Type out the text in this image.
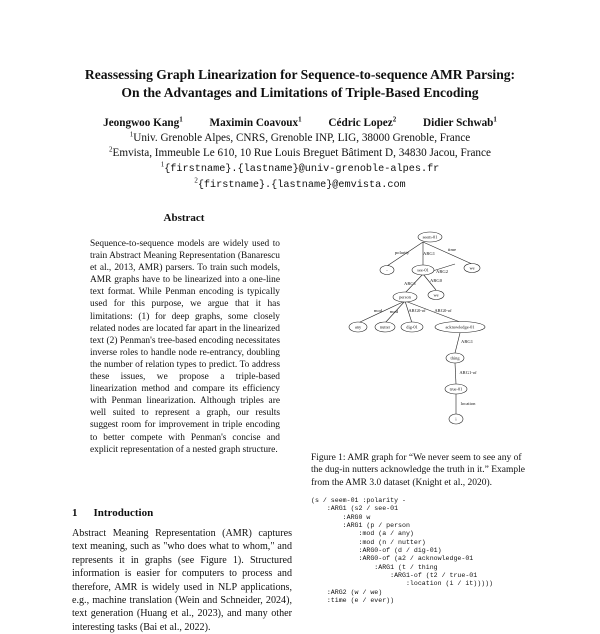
Reassessing Graph Linearization for Sequence-to-sequence AMR Parsing:
On the Advantages and Limitations of Triple-Based Encoding
Jeongwoo Kang$^1$ Maximin Coavoux$^1$ Cédric Lopez$^2$ Didier Schwab$^1$
$^1$Univ. Grenoble Alpes, CNRS, Grenoble INP, LIG, 38000 Grenoble, France
$^2$Emvista, Immeuble Le 610, 10 Rue Louis Breguet Bâtiment D, 34830 Jacou, France
$^1${firstname}.{lastname}@univ-grenoble-alpes.fr
$^2${firstname}.{lastname}@emvista.com
Abstract

Sequence-to-sequence models are widely used to train Abstract Meaning Representation (Banarescu et al., 2013, AMR) parsers. To train such models, AMR graphs have to be linearized into a one-line text format. While Penman encoding is typically used for this purpose, we argue that it has limitations: (1) for deep graphs, some closely related nodes are located far apart in the linearized text (2) Penman's tree-based encoding necessitates inverse roles to handle node re-entrancy, doubling the number of relation types to predict. To address these issues, we propose a triple-based linearization method and compare its efficiency with Penman linearization. Although triples are well suited to represent a graph, our results suggest room for improvement in triple encoding to better compete with Penman's concise and explicit representation of a nested graph structure.

1 Introduction

Abstract Meaning Representation (AMR) captures text meaning, such as "who does what to whom," and represents it in graphs (see Figure 1). Structured information is easier for computers to process and therefore, AMR is widely used in NLP applications, e.g., machine translation (Wein and Schneider, 2024), text generation (Huang et al., 2023), and many other interesting tasks (Bai et al., 2022).

seem-01
-	see-01	we
we
person
any	nutter	dig-01	acknowledge-01
thing
true-01
i
polarity	ARG1
time
ARG2
ARG0
ARG1
mod mod ARG0-of ARG0-of
ARG1
ARG1-of
location

Figure 1: AMR graph for “We never seem to see any of the dug-in nutters acknowledge the truth in it.” Example from the AMR 3.0 dataset (Knight et al., 2020).

(s / seem-01 :polarity -
:ARG1 (s2 / see-01
:ARG0 w
:ARG1 (p / person
:mod (a / any)
:mod (n / nutter)
:ARG0-of (d / dig-01)
:ARG0-of (a2 / acknowledge-01
:ARG1 (t / thing
:ARG1-of (t2 / true-01
:location (i / it)))))
:ARG2 (w / we)
:time (e / ever))
